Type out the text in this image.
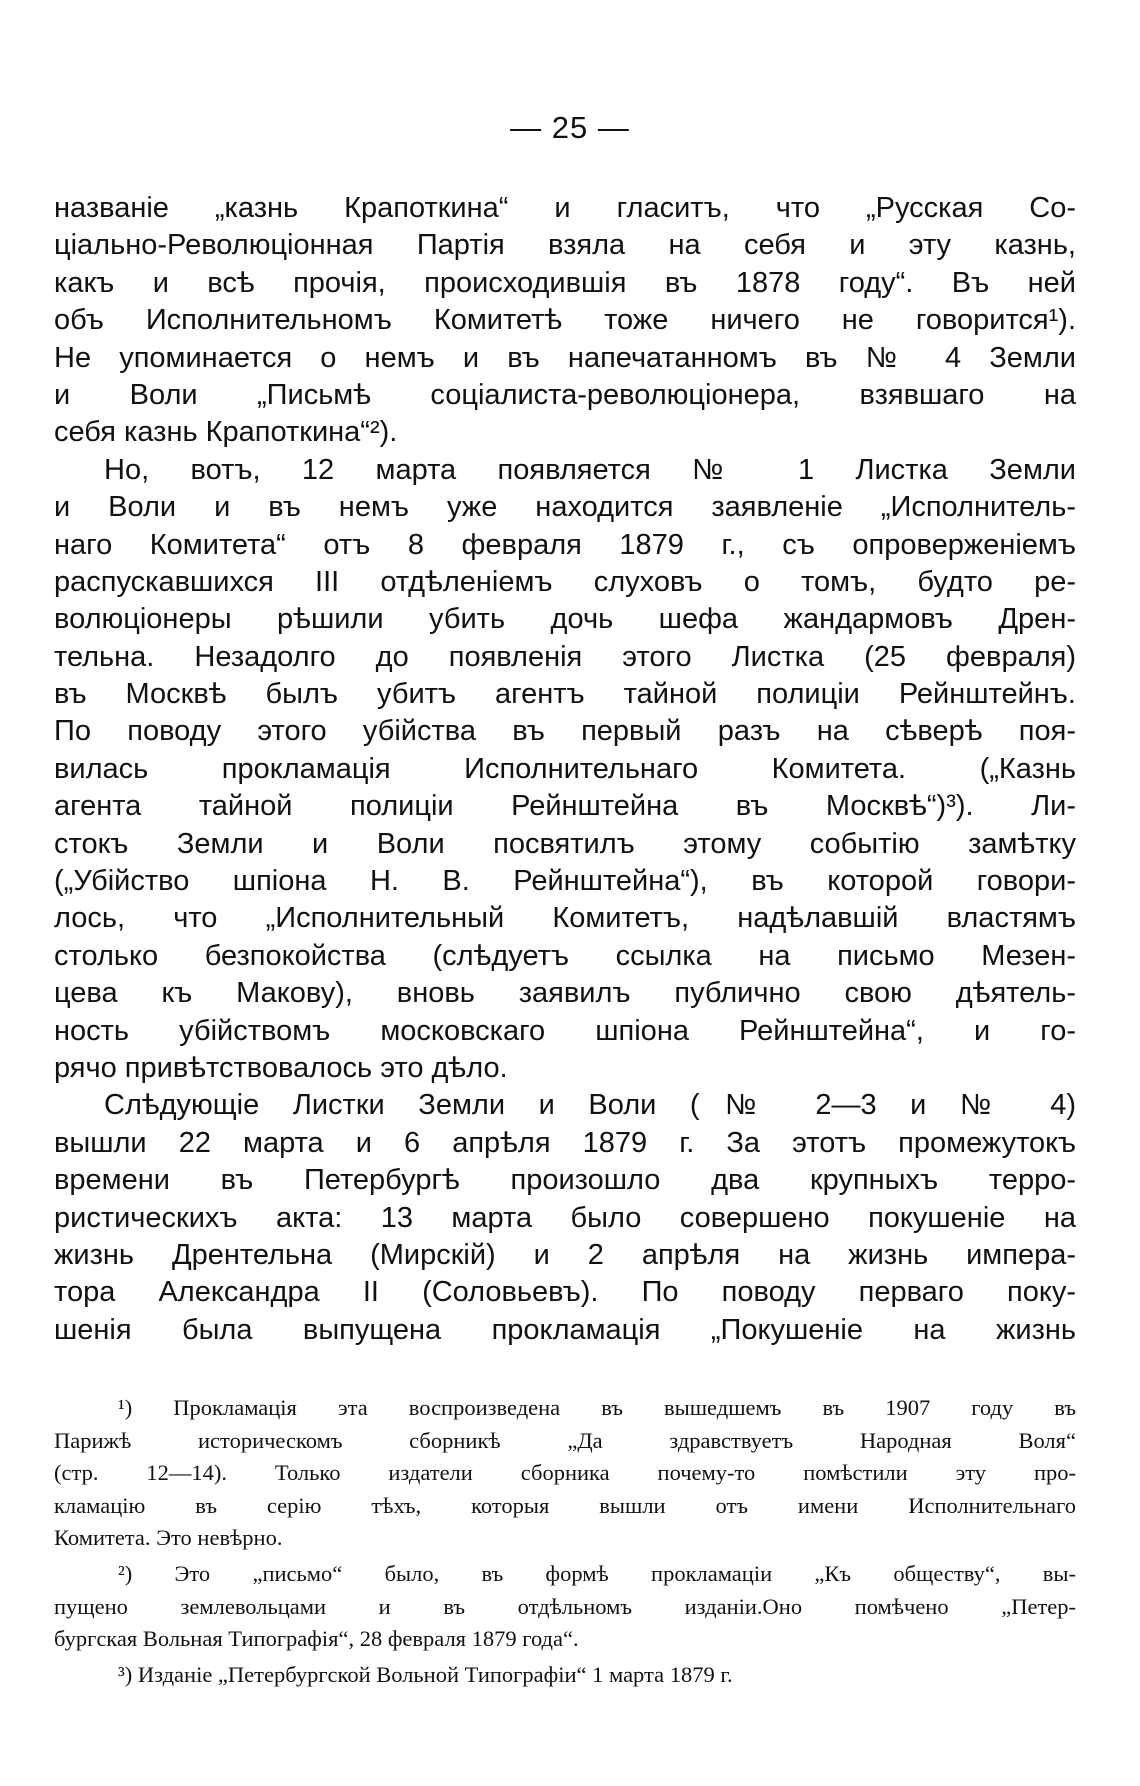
— 25 —
названіе „казнь Крапоткина“ и гласитъ, что „Русская Со-
ціально-Революціонная Партія взяла на себя и эту казнь,
какъ и всѣ прочія, происходившія въ 1878 году“. Въ ней
объ Исполнительномъ Комитетѣ тоже ничего не говорится¹).
Не упоминается о немъ и въ напечатанномъ въ № 4 Земли
и Воли „Письмѣ соціалиста-революціонера, взявшаго на
себя казнь Крапоткина“²).
Но, вотъ, 12 марта появляется № 1 Листка Земли
и Воли и въ немъ уже находится заявленіе „Исполнитель-
наго Комитета“ отъ 8 февраля 1879 г., съ опроверженіемъ
распускавшихся III отдѣленіемъ слуховъ о томъ, будто ре-
волюціонеры рѣшили убить дочь шефа жандармовъ Дрен-
тельна. Незадолго до появленія этого Листка (25 февраля)
въ Москвѣ былъ убитъ агентъ тайной полиціи Рейнштейнъ.
По поводу этого убійства въ первый разъ на сѣверѣ поя-
вилась прокламація Исполнительнаго Комитета. („Казнь
агента тайной полиціи Рейнштейна въ Москвѣ“)³). Ли-
стокъ Земли и Воли посвятилъ этому событію замѣтку
(„Убійство шпіона Н. В. Рейнштейна“), въ которой говори-
лось, что „Исполнительный Комитетъ, надѣлавшій властямъ
столько безпокойства (слѣдуетъ ссылка на письмо Мезен-
цева къ Макову), вновь заявилъ публично свою дѣятель-
ность убійствомъ московскаго шпіона Рейнштейна“, и го-
рячо привѣтствовалось это дѣло.
Слѣдующіе Листки Земли и Воли (№ 2—3 и № 4)
вышли 22 марта и 6 апрѣля 1879 г. За этотъ промежутокъ
времени въ Петербургѣ произошло два крупныхъ терро-
ристическихъ акта: 13 марта было совершено покушеніе на
жизнь Дрентельна (Мирскій) и 2 апрѣля на жизнь импера-
тора Александра II (Соловьевъ). По поводу перваго поку-
шенія была выпущена прокламація „Покушеніе на жизнь
¹) Прокламація эта воспроизведена въ вышедшемъ въ 1907 году въ
Парижѣ историческомъ сборникѣ „Да здравствуетъ Народная Воля“
(стр. 12—14). Только издатели сборника почему-то помѣстили эту про-
кламацію въ серію тѣхъ, которыя вышли отъ имени Исполнительнаго
Комитета. Это невѣрно.
²) Это „письмо“ было, въ формѣ прокламаціи „Къ обществу“, вы-
пущено землевольцами и въ отдѣльномъ изданіи.Оно помѣчено „Петер-
бургская Вольная Типографія“, 28 февраля 1879 года“.
³) Изданіе „Петербургской Вольной Типографіи“ 1 марта 1879 г.
